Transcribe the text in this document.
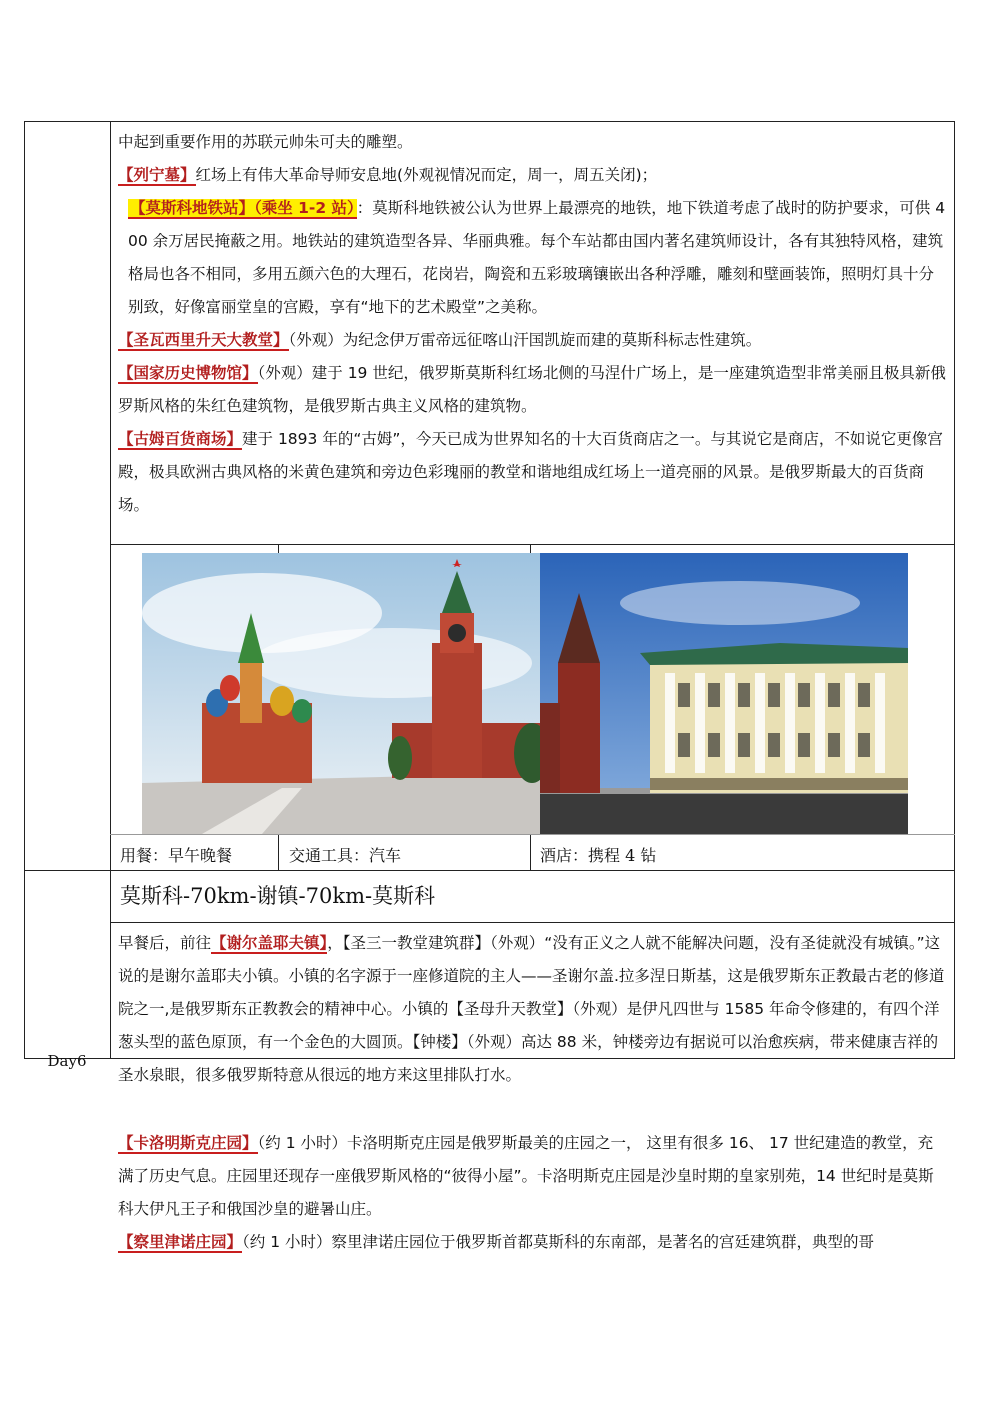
中起到重要作用的苏联元帅朱可夫的雕塑。

【列宁墓】红场上有伟大革命导师安息地(外观视情况而定，周一，周五关闭)；

【莫斯科地铁站】（乘坐 1-2 站） ：莫斯科地铁被公认为世界上最漂亮的地铁，地下铁道考虑了战时的防护要求，可供 400 余万居民掩蔽之用。地铁站的建筑造型各异、华丽典雅。每个车站都由国内著名建筑师设计，各有其独特风格，建筑格局也各不相同，多用五颜六色的大理石，花岗岩，陶瓷和五彩玻璃镶嵌出各种浮雕，雕刻和壁画装饰，照明灯具十分别致，好像富丽堂皇的宫殿，享有“地下的艺术殿堂”之美称。

【圣瓦西里升天大教堂】（外观）为纪念伊万雷帝远征喀山汗国凯旋而建的莫斯科标志性建筑。

【国家历史博物馆】（外观）建于 19 世纪，俄罗斯莫斯科红场北侧的马涅什广场上，是一座建筑造型非常美丽且极具新俄罗斯风格的朱红色建筑物，是俄罗斯古典主义风格的建筑物。

【古姆百货商场】建于 1893 年的“古姆”，今天已成为世界知名的十大百货商店之一。与其说它是商店，不如说它更像宫殿，极具欧洲古典风格的米黄色建筑和旁边色彩瑰丽的教堂和谐地组成红场上一道亮丽的风景。是俄罗斯最大的百货商场。

用餐：早午晚餐	交通工具：汽车	酒店：携程 4 钻
莫斯科-70km-谢镇-70km-莫斯科
Day6

早餐后，前往【谢尔盖耶夫镇】，【圣三一教堂建筑群】（外观）“没有正义之人就不能解决问题，没有圣徒就没有城镇。”这说的是谢尔盖耶夫小镇。小镇的名字源于一座修道院的主人——圣谢尔盖.拉多涅日斯基，这是俄罗斯东正教最古老的修道院之一,是俄罗斯东正教教会的精神中心。小镇的【圣母升天教堂】（外观）是伊凡四世与 1585 年命令修建的，有四个洋葱头型的蓝色原顶，有一个金色的大圆顶。【钟楼】（外观）高达 88 米，钟楼旁边有据说可以治愈疾病，带来健康吉祥的圣水泉眼，很多俄罗斯特意从很远的地方来这里排队打水。

【卡洛明斯克庄园】（约 1 小时）卡洛明斯克庄园是俄罗斯最美的庄园之一， 这里有很多 16、 17 世纪建造的教堂，充满了历史气息。庄园里还现存一座俄罗斯风格的“彼得小屋”。卡洛明斯克庄园是沙皇时期的皇家别苑，14 世纪时是莫斯科大伊凡王子和俄国沙皇的避暑山庄。

【察里津诺庄园】（约 1 小时）察里津诺庄园位于俄罗斯首都莫斯科的东南部，是著名的宫廷建筑群，典型的哥
